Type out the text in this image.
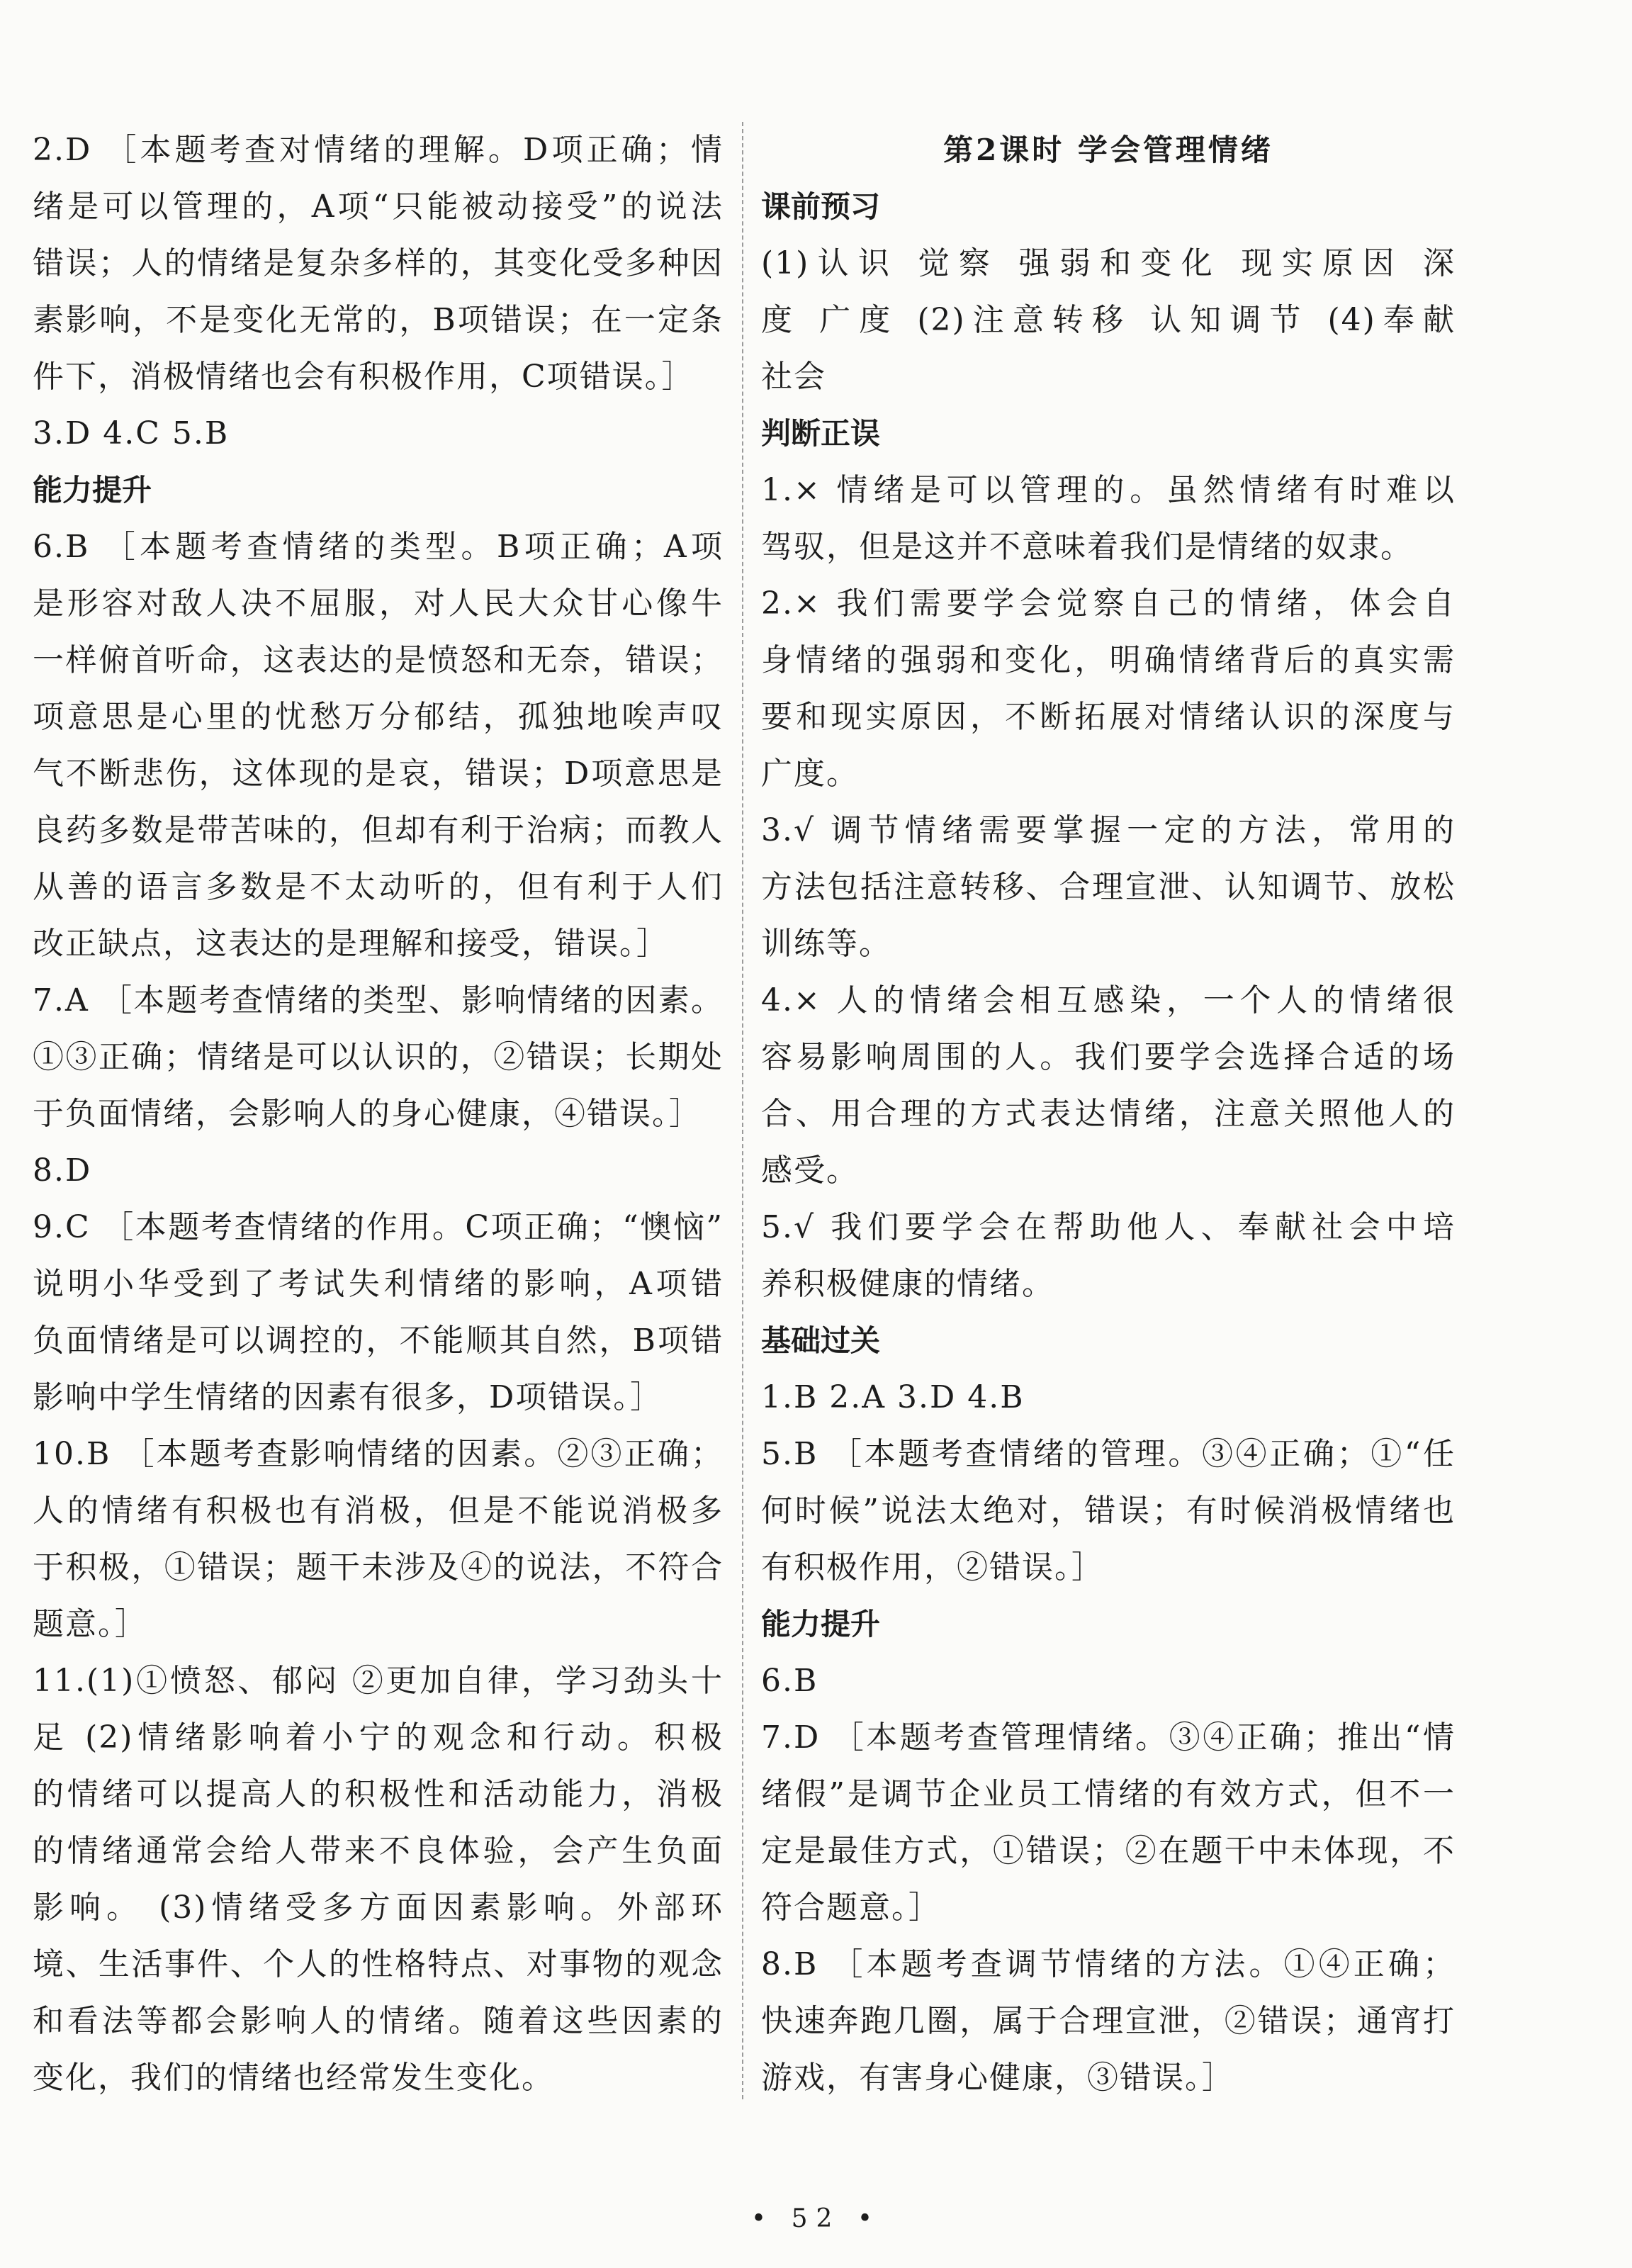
2.D ［本题考查对情绪的理解。D项正确；情
绪是可以管理的，A项“只能被动接受”的说法
错误；人的情绪是复杂多样的，其变化受多种因
素影响，不是变化无常的，B项错误；在一定条
件下，消极情绪也会有积极作用，C项错误。］
3.D 4.C 5.B
能力提升
6.B ［本题考查情绪的类型。B项正确；A项
是形容对敌人决不屈服，对人民大众甘心像牛
一样俯首听命，这表达的是愤怒和无奈，错误；
项意思是心里的忧愁万分郁结，孤独地唉声叹
气不断悲伤，这体现的是哀，错误；D项意思是
良药多数是带苦味的，但却有利于治病；而教人
从善的语言多数是不太动听的，但有利于人们
改正缺点，这表达的是理解和接受，错误。］
7.A ［本题考查情绪的类型、影响情绪的因素。
①③正确；情绪是可以认识的，②错误；长期处
于负面情绪，会影响人的身心健康，④错误。］
8.D
9.C ［本题考查情绪的作用。C项正确；“懊恼”
说明小华受到了考试失利情绪的影响，A项错
负面情绪是可以调控的，不能顺其自然，B项错
影响中学生情绪的因素有很多，D项错误。］
10.B ［本题考查影响情绪的因素。②③正确；
人的情绪有积极也有消极，但是不能说消极多
于积极，①错误；题干未涉及④的说法，不符合
题意。］
11.(1)①愤怒、郁闷 ②更加自律，学习劲头十
足 (2)情绪影响着小宁的观念和行动。积极
的情绪可以提高人的积极性和活动能力，消极
的情绪通常会给人带来不良体验，会产生负面
影响。 (3)情绪受多方面因素影响。外部环
境、生活事件、个人的性格特点、对事物的观念
和看法等都会影响人的情绪。随着这些因素的
变化，我们的情绪也经常发生变化。
第2课时 学会管理情绪
课前预习
(1)认识 觉察 强弱和变化 现实原因 深
度 广度 (2)注意转移 认知调节 (4)奉献
社会
判断正误
1.× 情绪是可以管理的。虽然情绪有时难以
驾驭，但是这并不意味着我们是情绪的奴隶。
2.× 我们需要学会觉察自己的情绪，体会自
身情绪的强弱和变化，明确情绪背后的真实需
要和现实原因，不断拓展对情绪认识的深度与
广度。
3.√ 调节情绪需要掌握一定的方法，常用的
方法包括注意转移、合理宣泄、认知调节、放松
训练等。
4.× 人的情绪会相互感染，一个人的情绪很
容易影响周围的人。我们要学会选择合适的场
合、用合理的方式表达情绪，注意关照他人的
感受。
5.√ 我们要学会在帮助他人、奉献社会中培
养积极健康的情绪。
基础过关
1.B 2.A 3.D 4.B
5.B ［本题考查情绪的管理。③④正确；①“任
何时候”说法太绝对，错误；有时候消极情绪也
有积极作用，②错误。］
能力提升
6.B
7.D ［本题考查管理情绪。③④正确；推出“情
绪假”是调节企业员工情绪的有效方式，但不一
定是最佳方式，①错误；②在题干中未体现，不
符合题意。］
8.B ［本题考查调节情绪的方法。①④正确；
快速奔跑几圈，属于合理宣泄，②错误；通宵打
游戏，有害身心健康，③错误。］
• 52 •
